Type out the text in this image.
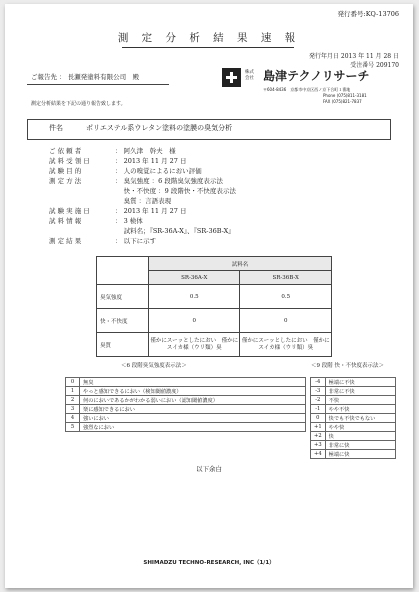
発行番号:KQ-13706
測 定 分 析 結 果 速 報
発行年月日 2013 年 11 月 28 日
受注番号 209170
ご報告先 ： 長瀬発塗料有限公司　殿
株式会社 島津テクノリサーチ
〒604-8436　京都市中京区西ノ京下合町１番地
Phone (075)811-3181
FAX (075)821-7837
測定分析結果を下記の通り報告致します。
件名	ポリエステル系ウレタン塗料の塗膜の臭気分析
ご 依 頼 者	： 阿久津　幹夫　様
試 料 受 領 日	： 2013 年 11 月 27 日
試 験 目 的	： 人の嗅覚によるにおい評価
測 定 方 法	： 臭気強度 ：6 段階臭気強度表示法
　 快・不快度 ：9 段階快・不快度表示法
　 臭質 ：言語表現
試 験 実 施 日	： 2013 年 11 月 27 日
試 料 情 報	： 3 検体
　 試料名；『SR-36A-X』、『SR-36B-X』
測 定 結 果	： 以下に示す
	試料名	
	SR-36A-X	SR-36B-X
臭気強度	0.5	0.5
快・不快度	0	0
臭質	僅かにスーッとしたにおい　僅かにスイカ様（ウリ類）臭	僅かにスーッとしたにおい　僅かにスイカ様（ウリ類）臭
＜6 段階臭気強度表示法＞
0	無臭
1	やっと感知できるにおい（検知閾値濃度）
2	何のにおいであるかがわかる弱いにおい（認知閾値濃度）
3	楽に感知できるにおい
4	強いにおい
5	強烈なにおい
＜9 段階 快・不快度表示法＞
-4	極端に不快
-3	非常に不快
-2	不快
-1	やや不快
0	快でも不快でもない
+1	やや快
+2	快
+3	非常に快
+4	極端に快
以下余白
SHIMADZU TECHNO-RESEARCH, INC（1/1）
